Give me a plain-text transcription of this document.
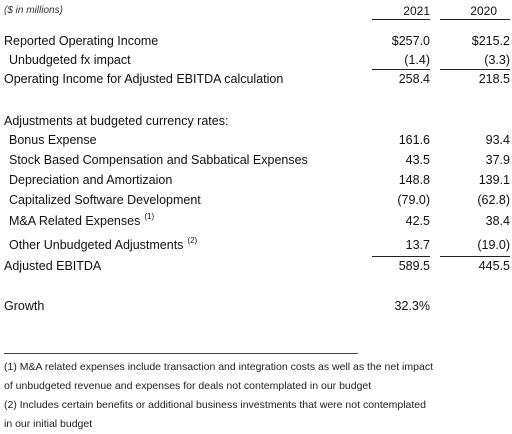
($ in millions)	2021	2020
Reported Operating Income	$257.0	$215.2
Unbudgeted fx impact	(1.4)	(3.3)
Operating Income for Adjusted EBITDA calculation	258.4	218.5
Adjustments at budgeted currency rates:
Bonus Expense	161.6	93.4
Stock Based Compensation and Sabbatical Expenses	43.5	37.9
Depreciation and Amortizaion	148.8	139.1
Capitalized Software Development	(79.0)	(62.8)
M&A Related Expenses $^{(1)}$	42.5	38.4
Other Unbudgeted Adjustments $^{(2)}$	13.7	(19.0)
Adjusted EBITDA	589.5	445.5
Growth	32.3%
(1) M&A related expenses include transaction and integration costs as well as the net impact
of unbudgeted revenue and expenses for deals not contemplated in our budget
(2) Includes certain benefits or additional business investments that were not contemplated
in our initial budget
